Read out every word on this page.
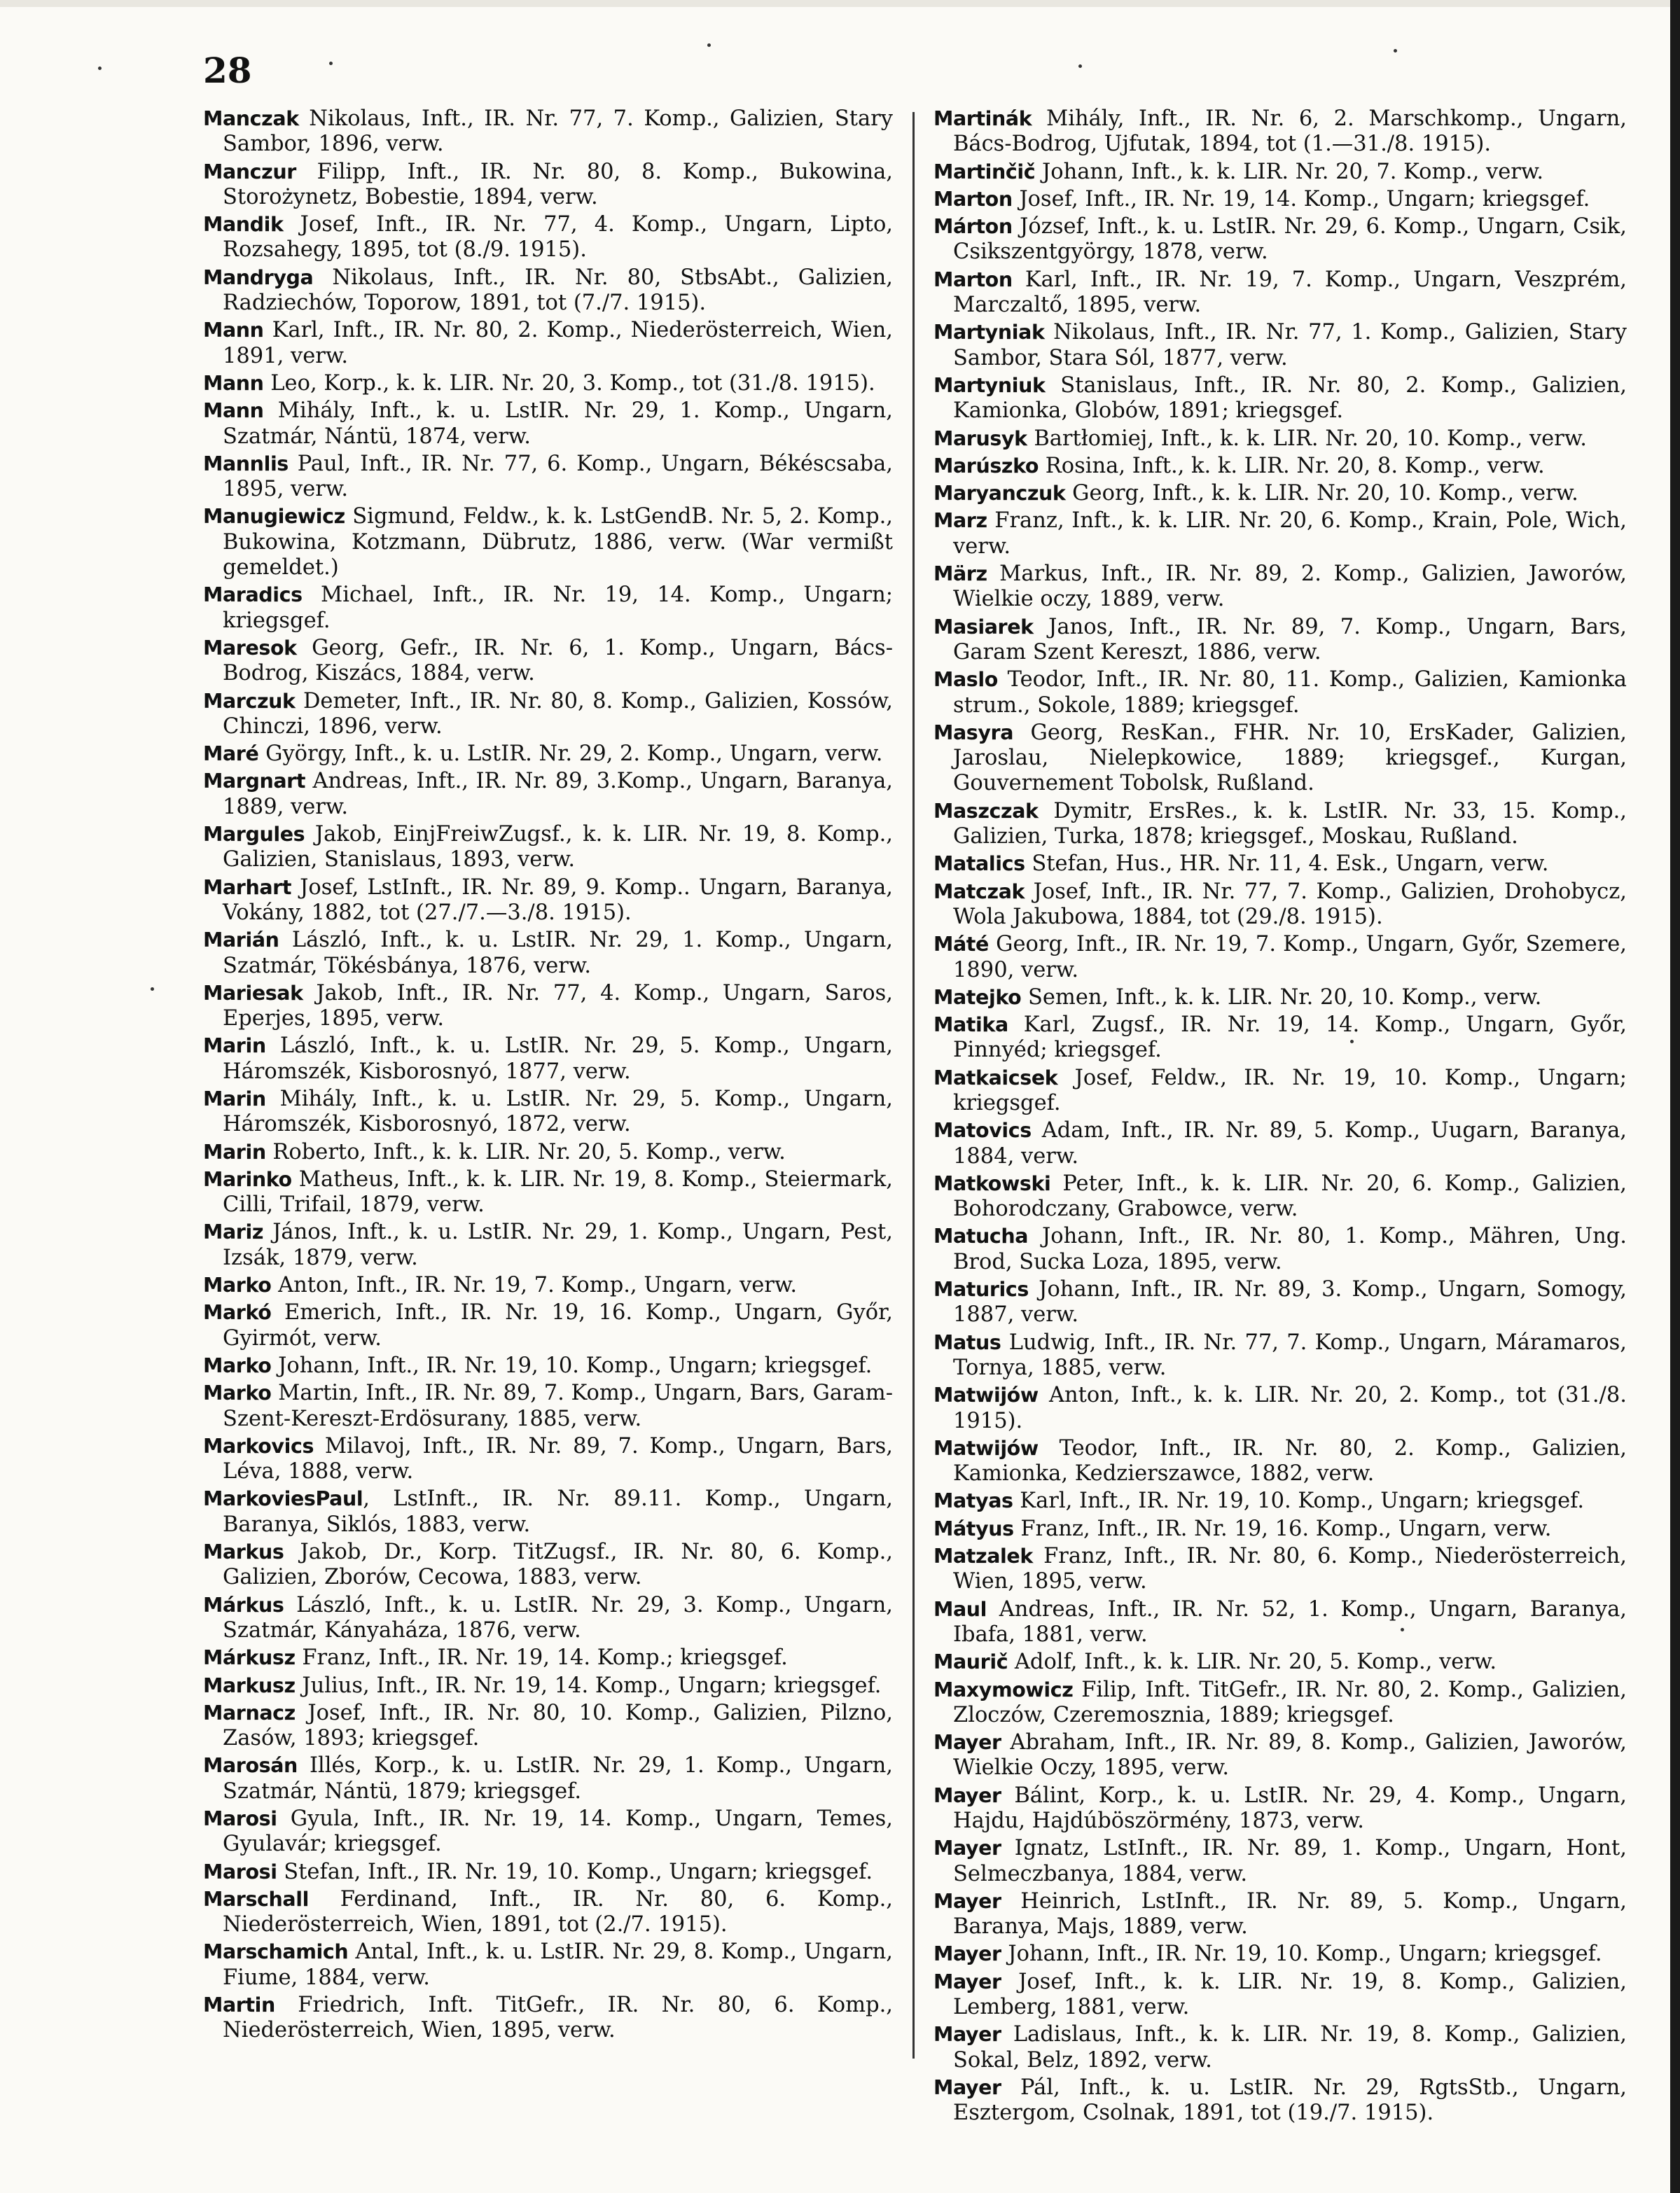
28

Manczak Nikolaus, Inft., IR. Nr. 77, 7. Komp., Galizien, Stary Sambor, 1896, verw.

Manczur Filipp, Inft., IR. Nr. 80, 8. Komp., Bukowina, Storożynetz, Bobestie, 1894, verw.

Mandik Josef, Inft., IR. Nr. 77, 4. Komp., Ungarn, Lipto, Rozsahegy, 1895, tot (8./9. 1915).

Mandryga Nikolaus, Inft., IR. Nr. 80, StbsAbt., Galizien, Radziechów, Toporow, 1891, tot (7./7. 1915).

Mann Karl, Inft., IR. Nr. 80, 2. Komp., Niederösterreich, Wien, 1891, verw.

Mann Leo, Korp., k. k. LIR. Nr. 20, 3. Komp., tot (31./8. 1915).

Mann Mihály, Inft., k. u. LstIR. Nr. 29, 1. Komp., Ungarn, Szatmár, Nántü, 1874, verw.

Mannlis Paul, Inft., IR. Nr. 77, 6. Komp., Ungarn, Békéscsaba, 1895, verw.

Manugiewicz Sigmund, Feldw., k. k. LstGendB. Nr. 5, 2. Komp., Bukowina, Kotzmann, Dübrutz, 1886, verw. (War vermißt gemeldet.)

Maradics Michael, Inft., IR. Nr. 19, 14. Komp., Ungarn; kriegsgef.

Maresok Georg, Gefr., IR. Nr. 6, 1. Komp., Ungarn, Bács-Bodrog, Kiszács, 1884, verw.

Marczuk Demeter, Inft., IR. Nr. 80, 8. Komp., Galizien, Kossów, Chinczi, 1896, verw.

Maré György, Inft., k. u. LstIR. Nr. 29, 2. Komp., Ungarn, verw.

Margnart Andreas, Inft., IR. Nr. 89, 3.Komp., Ungarn, Baranya, 1889, verw.

Margules Jakob, EinjFreiwZugsf., k. k. LIR. Nr. 19, 8. Komp., Galizien, Stanislaus, 1893, verw.

Marhart Josef, LstInft., IR. Nr. 89, 9. Komp.. Ungarn, Baranya, Vokány, 1882, tot (27./7.—3./8. 1915).

Marián László, Inft., k. u. LstIR. Nr. 29, 1. Komp., Ungarn, Szatmár, Tökésbánya, 1876, verw.

Mariesak Jakob, Inft., IR. Nr. 77, 4. Komp., Ungarn, Saros, Eperjes, 1895, verw.

Marin László, Inft., k. u. LstIR. Nr. 29, 5. Komp., Ungarn, Háromszék, Kisborosnyó, 1877, verw.

Marin Mihály, Inft., k. u. LstIR. Nr. 29, 5. Komp., Ungarn, Háromszék, Kisborosnyó, 1872, verw.

Marin Roberto, Inft., k. k. LIR. Nr. 20, 5. Komp., verw.

Marinko Matheus, Inft., k. k. LIR. Nr. 19, 8. Komp., Steiermark, Cilli, Trifail, 1879, verw.

Mariz János, Inft., k. u. LstIR. Nr. 29, 1. Komp., Ungarn, Pest, Izsák, 1879, verw.

Marko Anton, Inft., IR. Nr. 19, 7. Komp., Ungarn, verw.

Markó Emerich, Inft., IR. Nr. 19, 16. Komp., Ungarn, Győr, Gyirmót, verw.

Marko Johann, Inft., IR. Nr. 19, 10. Komp., Ungarn; kriegsgef.

Marko Martin, Inft., IR. Nr. 89, 7. Komp., Ungarn, Bars, Garam-Szent-Kereszt-Erdösurany, 1885, verw.

Markovics Milavoj, Inft., IR. Nr. 89, 7. Komp., Ungarn, Bars, Léva, 1888, verw.

MarkoviesPaul, LstInft., IR. Nr. 89.11. Komp., Ungarn, Baranya, Siklós, 1883, verw.

Markus Jakob, Dr., Korp. TitZugsf., IR. Nr. 80, 6. Komp., Galizien, Zborów, Cecowa, 1883, verw.

Márkus László, Inft., k. u. LstIR. Nr. 29, 3. Komp., Ungarn, Szatmár, Kányaháza, 1876, verw.

Márkusz Franz, Inft., IR. Nr. 19, 14. Komp.; kriegsgef.

Markusz Julius, Inft., IR. Nr. 19, 14. Komp., Ungarn; kriegsgef.

Marnacz Josef, Inft., IR. Nr. 80, 10. Komp., Galizien, Pilzno, Zasów, 1893; kriegsgef.

Marosán Illés, Korp., k. u. LstIR. Nr. 29, 1. Komp., Ungarn, Szatmár, Nántü, 1879; kriegsgef.

Marosi Gyula, Inft., IR. Nr. 19, 14. Komp., Ungarn, Temes, Gyulavár; kriegsgef.

Marosi Stefan, Inft., IR. Nr. 19, 10. Komp., Ungarn; kriegsgef.

Marschall Ferdinand, Inft., IR. Nr. 80, 6. Komp., Niederösterreich, Wien, 1891, tot (2./7. 1915).

Marschamich Antal, Inft., k. u. LstIR. Nr. 29, 8. Komp., Ungarn, Fiume, 1884, verw.

Martin Friedrich, Inft. TitGefr., IR. Nr. 80, 6. Komp., Niederösterreich, Wien, 1895, verw.

Martinák Mihály, Inft., IR. Nr. 6, 2. Marschkomp., Ungarn, Bács-Bodrog, Ujfutak, 1894, tot (1.—31./8. 1915).

Martinčič Johann, Inft., k. k. LIR. Nr. 20, 7. Komp., verw.

Marton Josef, Inft., IR. Nr. 19, 14. Komp., Ungarn; kriegsgef.

Márton József, Inft., k. u. LstIR. Nr. 29, 6. Komp., Ungarn, Csik, Csikszentgyörgy, 1878, verw.

Marton Karl, Inft., IR. Nr. 19, 7. Komp., Ungarn, Veszprém, Marczaltő, 1895, verw.

Martyniak Nikolaus, Inft., IR. Nr. 77, 1. Komp., Galizien, Stary Sambor, Stara Sól, 1877, verw.

Martyniuk Stanislaus, Inft., IR. Nr. 80, 2. Komp., Galizien, Kamionka, Globów, 1891; kriegsgef.

Marusyk Bartłomiej, Inft., k. k. LIR. Nr. 20, 10. Komp., verw.

Marúszko Rosina, Inft., k. k. LIR. Nr. 20, 8. Komp., verw.

Maryanczuk Georg, Inft., k. k. LIR. Nr. 20, 10. Komp., verw.

Marz Franz, Inft., k. k. LIR. Nr. 20, 6. Komp., Krain, Pole, Wich, verw.

März Markus, Inft., IR. Nr. 89, 2. Komp., Galizien, Jaworów, Wielkie oczy, 1889, verw.

Masiarek Janos, Inft., IR. Nr. 89, 7. Komp., Ungarn, Bars, Garam Szent Kereszt, 1886, verw.

Maslo Teodor, Inft., IR. Nr. 80, 11. Komp., Galizien, Kamionka strum., Sokole, 1889; kriegsgef.

Masyra Georg, ResKan., FHR. Nr. 10, ErsKader, Galizien, Jaroslau, Nielepkowice, 1889; kriegsgef., Kurgan, Gouvernement Tobolsk, Rußland.

Maszczak Dymitr, ErsRes., k. k. LstIR. Nr. 33, 15. Komp., Galizien, Turka, 1878; kriegsgef., Moskau, Rußland.

Matalics Stefan, Hus., HR. Nr. 11, 4. Esk., Ungarn, verw.

Matczak Josef, Inft., IR. Nr. 77, 7. Komp., Galizien, Drohobycz, Wola Jakubowa, 1884, tot (29./8. 1915).

Máté Georg, Inft., IR. Nr. 19, 7. Komp., Ungarn, Győr, Szemere, 1890, verw.

Matejko Semen, Inft., k. k. LIR. Nr. 20, 10. Komp., verw.

Matika Karl, Zugsf., IR. Nr. 19, 14. Komp., Ungarn, Győr, Pinnyéd; kriegsgef.

Matkaicsek Josef, Feldw., IR. Nr. 19, 10. Komp., Ungarn; kriegsgef.

Matovics Adam, Inft., IR. Nr. 89, 5. Komp., Uugarn, Baranya, 1884, verw.

Matkowski Peter, Inft., k. k. LIR. Nr. 20, 6. Komp., Galizien, Bohorodczany, Grabowce, verw.

Matucha Johann, Inft., IR. Nr. 80, 1. Komp., Mähren, Ung. Brod, Sucka Loza, 1895, verw.

Maturics Johann, Inft., IR. Nr. 89, 3. Komp., Ungarn, Somogy, 1887, verw.

Matus Ludwig, Inft., IR. Nr. 77, 7. Komp., Ungarn, Máramaros, Tornya, 1885, verw.

Matwijów Anton, Inft., k. k. LIR. Nr. 20, 2. Komp., tot (31./8. 1915).

Matwijów Teodor, Inft., IR. Nr. 80, 2. Komp., Galizien, Kamionka, Kedzierszawce, 1882, verw.

Matyas Karl, Inft., IR. Nr. 19, 10. Komp., Ungarn; kriegsgef.

Mátyus Franz, Inft., IR. Nr. 19, 16. Komp., Ungarn, verw.

Matzalek Franz, Inft., IR. Nr. 80, 6. Komp., Niederösterreich, Wien, 1895, verw.

Maul Andreas, Inft., IR. Nr. 52, 1. Komp., Ungarn, Baranya, Ibafa, 1881, verw.

Maurič Adolf, Inft., k. k. LIR. Nr. 20, 5. Komp., verw.

Maxymowicz Filip, Inft. TitGefr., IR. Nr. 80, 2. Komp., Galizien, Zloczów, Czeremosznia, 1889; kriegsgef.

Mayer Abraham, Inft., IR. Nr. 89, 8. Komp., Galizien, Jaworów, Wielkie Oczy, 1895, verw.

Mayer Bálint, Korp., k. u. LstIR. Nr. 29, 4. Komp., Ungarn, Hajdu, Hajdúböszörmény, 1873, verw.

Mayer Ignatz, LstInft., IR. Nr. 89, 1. Komp., Ungarn, Hont, Selmeczbanya, 1884, verw.

Mayer Heinrich, LstInft., IR. Nr. 89, 5. Komp., Ungarn, Baranya, Majs, 1889, verw.

Mayer Johann, Inft., IR. Nr. 19, 10. Komp., Ungarn; kriegsgef.

Mayer Josef, Inft., k. k. LIR. Nr. 19, 8. Komp., Galizien, Lemberg, 1881, verw.

Mayer Ladislaus, Inft., k. k. LIR. Nr. 19, 8. Komp., Galizien, Sokal, Belz, 1892, verw.

Mayer Pál, Inft., k. u. LstIR. Nr. 29, RgtsStb., Ungarn, Esztergom, Csolnak, 1891, tot (19./7. 1915).
